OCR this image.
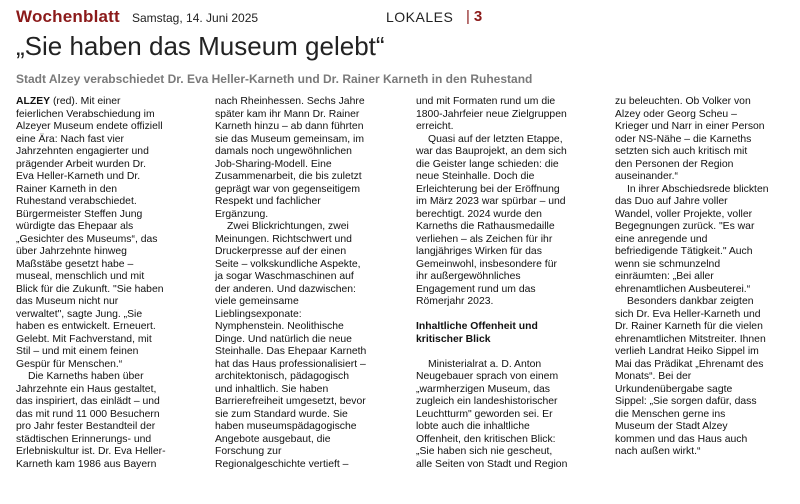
Wochenblatt Samstag, 14. Juni 2025	LOKALES | 3
„Sie haben das Museum gelebt“
Stadt Alzey verabschiedet Dr. Eva Heller-Karneth und Dr. Rainer Karneth in den Ruhestand
ALZEY (red). Mit einer
feierlichen Verabschiedung im
Alzeyer Museum endete offiziell
eine Ära: Nach fast vier
Jahrzehnten engagierter und
prägender Arbeit wurden Dr.
Eva Heller-Karneth und Dr.
Rainer Karneth in den
Ruhestand verabschiedet.
Bürgermeister Steffen Jung
würdigte das Ehepaar als
„Gesichter des Museums“, das
über Jahrzehnte hinweg
Maßstäbe gesetzt habe –
museal, menschlich und mit
Blick für die Zukunft. "Sie haben
das Museum nicht nur
verwaltet", sagte Jung. „Sie
haben es entwickelt. Erneuert.
Gelebt. Mit Fachverstand, mit
Stil – und mit einem feinen
Gespür für Menschen.“
Die Karneths haben über
Jahrzehnte ein Haus gestaltet,
das inspiriert, das einlädt – und
das mit rund 11 000 Besuchern
pro Jahr fester Bestandteil der
städtischen Erinnerungs- und
Erlebniskultur ist. Dr. Eva Heller-
Karneth kam 1986 aus Bayern
nach Rheinhessen. Sechs Jahre
später kam ihr Mann Dr. Rainer
Karneth hinzu – ab dann führten
sie das Museum gemeinsam, im
damals noch ungewöhnlichen
Job-Sharing-Modell. Eine
Zusammenarbeit, die bis zuletzt
geprägt war von gegenseitigem
Respekt und fachlicher
Ergänzung.
Zwei Blickrichtungen, zwei
Meinungen. Richtschwert und
Druckerpresse auf der einen
Seite – volkskundliche Aspekte,
ja sogar Waschmaschinen auf
der anderen. Und dazwischen:
viele gemeinsame
Lieblingsexponate:
Nymphenstein. Neolithische
Dinge. Und natürlich die neue
Steinhalle. Das Ehepaar Karneth
hat das Haus professionalisiert –
architektonisch, pädagogisch
und inhaltlich. Sie haben
Barrierefreiheit umgesetzt, bevor
sie zum Standard wurde. Sie
haben museumspädagogische
Angebote ausgebaut, die
Forschung zur
Regionalgeschichte vertieft –
und mit Formaten rund um die
1800-Jahrfeier neue Zielgruppen
erreicht.
Quasi auf der letzten Etappe,
war das Bauprojekt, an dem sich
die Geister lange schieden: die
neue Steinhalle. Doch die
Erleichterung bei der Eröffnung
im März 2023 war spürbar – und
berechtigt. 2024 wurde den
Karneths die Rathausmedaille
verliehen – als Zeichen für ihr
langjähriges Wirken für das
Gemeinwohl, insbesondere für
ihr außergewöhnliches
Engagement rund um das
Römerjahr 2023.
Inhaltliche Offenheit und
kritischer Blick
Ministerialrat a. D. Anton
Neugebauer sprach von einem
„warmherzigen Museum, das
zugleich ein landeshistorischer
Leuchtturm" geworden sei. Er
lobte auch die inhaltliche
Offenheit, den kritischen Blick:
„Sie haben sich nie gescheut,
alle Seiten von Stadt und Region
zu beleuchten. Ob Volker von
Alzey oder Georg Scheu –
Krieger und Narr in einer Person
oder NS-Nähe – die Karneths
setzten sich auch kritisch mit
den Personen der Region
auseinander.“
In ihrer Abschiedsrede blickten
das Duo auf Jahre voller
Wandel, voller Projekte, voller
Begegnungen zurück. "Es war
eine anregende und
befriedigende Tätigkeit." Auch
wenn sie schmunzelnd
einräumten: „Bei aller
ehrenamtlichen Ausbeuterei.“
Besonders dankbar zeigten
sich Dr. Eva Heller-Karneth und
Dr. Rainer Karneth für die vielen
ehrenamtlichen Mitstreiter. Ihnen
verlieh Landrat Heiko Sippel im
Mai das Prädikat „Ehrenamt des
Monats“. Bei der
Urkundenübergabe sagte
Sippel: „Sie sorgen dafür, dass
die Menschen gerne ins
Museum der Stadt Alzey
kommen und das Haus auch
nach außen wirkt.“
